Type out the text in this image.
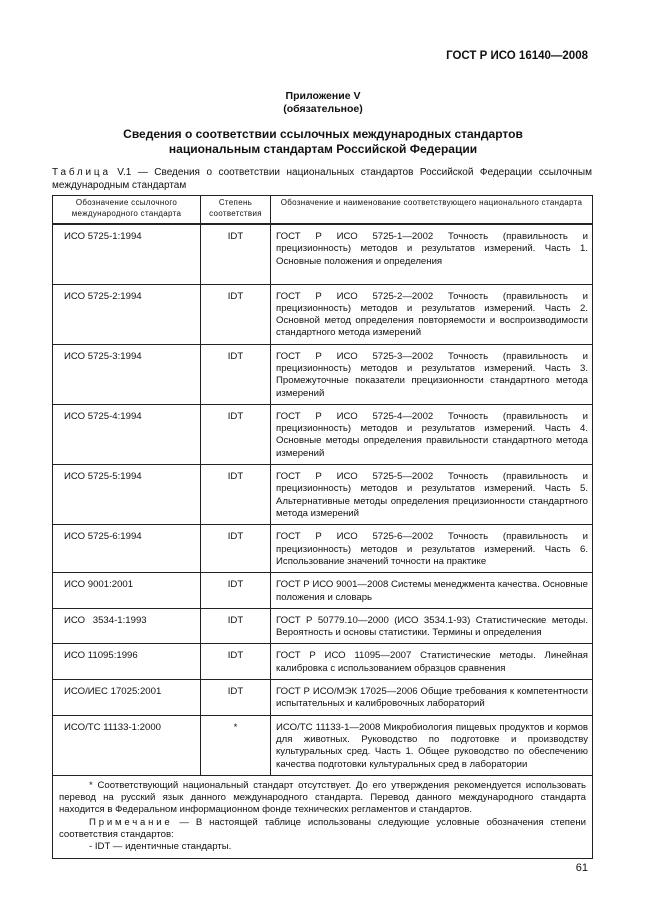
ГОСТ Р ИСО 16140—2008
Приложение V
(обязательное)
Сведения о соответствии ссылочных международных стандартов
национальным стандартам Российской Федерации
Таблица V.1 — Сведения о соответствии национальных стандартов Российской Федерации ссылочным международным стандартам
Обозначение ссылочного международного стандарта	Степень соответствия	Обозначение и наименование соответствующего национального стандарта
ИСО 5725-1:1994	IDT	ГОСТ Р ИСО 5725-1—2002 Точность (правильность и прецизионность) методов и результатов измерений. Часть 1. Основные положения и определения
ИСО 5725-2:1994	IDT	ГОСТ Р ИСО 5725-2—2002 Точность (правильность и прецизионность) методов и результатов измерений. Часть 2. Основной метод определения повторяемости и воспроизводимости стандартного метода измерений
ИСО 5725-3:1994	IDT	ГОСТ Р ИСО 5725-3—2002 Точность (правильность и прецизионность) методов и результатов измерений. Часть 3. Промежуточные показатели прецизионности стандартного метода измерений
ИСО 5725-4:1994	IDT	ГОСТ Р ИСО 5725-4—2002 Точность (правильность и прецизионность) методов и результатов измерений. Часть 4. Основные методы определения правильности стандартного метода измерений
ИСО 5725-5:1994	IDT	ГОСТ Р ИСО 5725-5—2002 Точность (правильность и прецизионность) методов и результатов измерений. Часть 5. Альтернативные методы определения прецизионности стандартного метода измерений
ИСО 5725-6:1994	IDT	ГОСТ Р ИСО 5725-6—2002 Точность (правильность и прецизионность) методов и результатов измерений. Часть 6. Использование значений точности на практике
ИСО 9001:2001	IDT	ГОСТ Р ИСО 9001—2008 Системы менеджмента качества. Основные положения и словарь
ИСО 3534-1:1993	IDT	ГОСТ Р 50779.10—2000 (ИСО 3534.1-93) Статистические методы. Вероятность и основы статистики. Термины и определения
ИСО 11095:1996	IDT	ГОСТ Р ИСО 11095—2007 Статистические методы. Линейная калибровка с использованием образцов сравнения
ИСО/ИЕС 17025:2001	IDT	ГОСТ Р ИСО/МЭК 17025—2006 Общие требования к компетентности испытательных и калибровочных лабораторий
ИСО/ТС 11133-1:2000	*	ИСО/ТС 11133-1—2008 Микробиология пищевых продуктов и кормов для животных. Руководство по подготовке и производству культуральных сред. Часть 1. Общее руководство по обеспечению качества подготовки культуральных сред в лаборатории

* Соответствующий национальный стандарт отсутствует. До его утверждения рекомендуется использовать перевод на русский язык данного международного стандарта. Перевод данного международного стандарта находится в Федеральном информационном фонде технических регламентов и стандартов.
Примечание — В настоящей таблице использованы следующие условные обозначения степени соответствия стандартов:
- IDT — идентичные стандарты.		
61
